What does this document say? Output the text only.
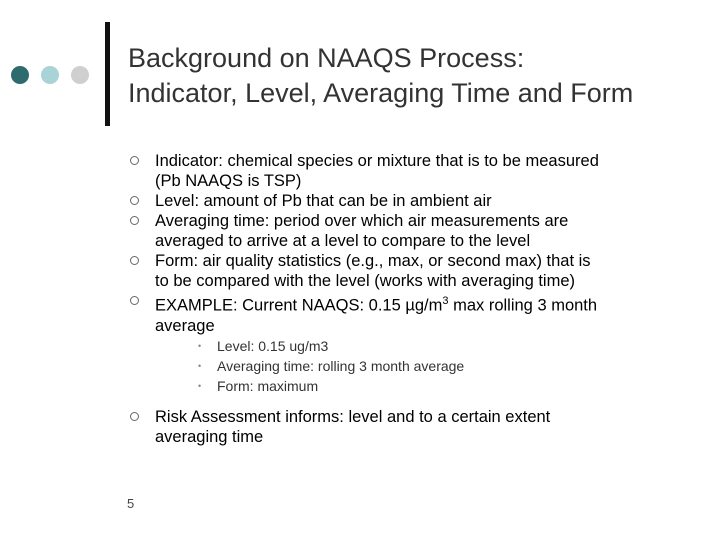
Background on NAAQS Process:
Indicator, Level, Averaging Time and Form
Indicator: chemical species or mixture that is to be measured
(Pb NAAQS is TSP)
Level: amount of Pb that can be in ambient air
Averaging time: period over which air measurements are
averaged to arrive at a level to compare to the level
Form: air quality statistics (e.g., max, or second max) that is
to be compared with the level (works with averaging time)
EXAMPLE: Current NAAQS: 0.15 $\mu g/m^3$ max rolling 3 month
average
• Level: 0.15 ug/m3
• Averaging time: rolling 3 month average
• Form: maximum
Risk Assessment informs: level and to a certain extent
averaging time
5
